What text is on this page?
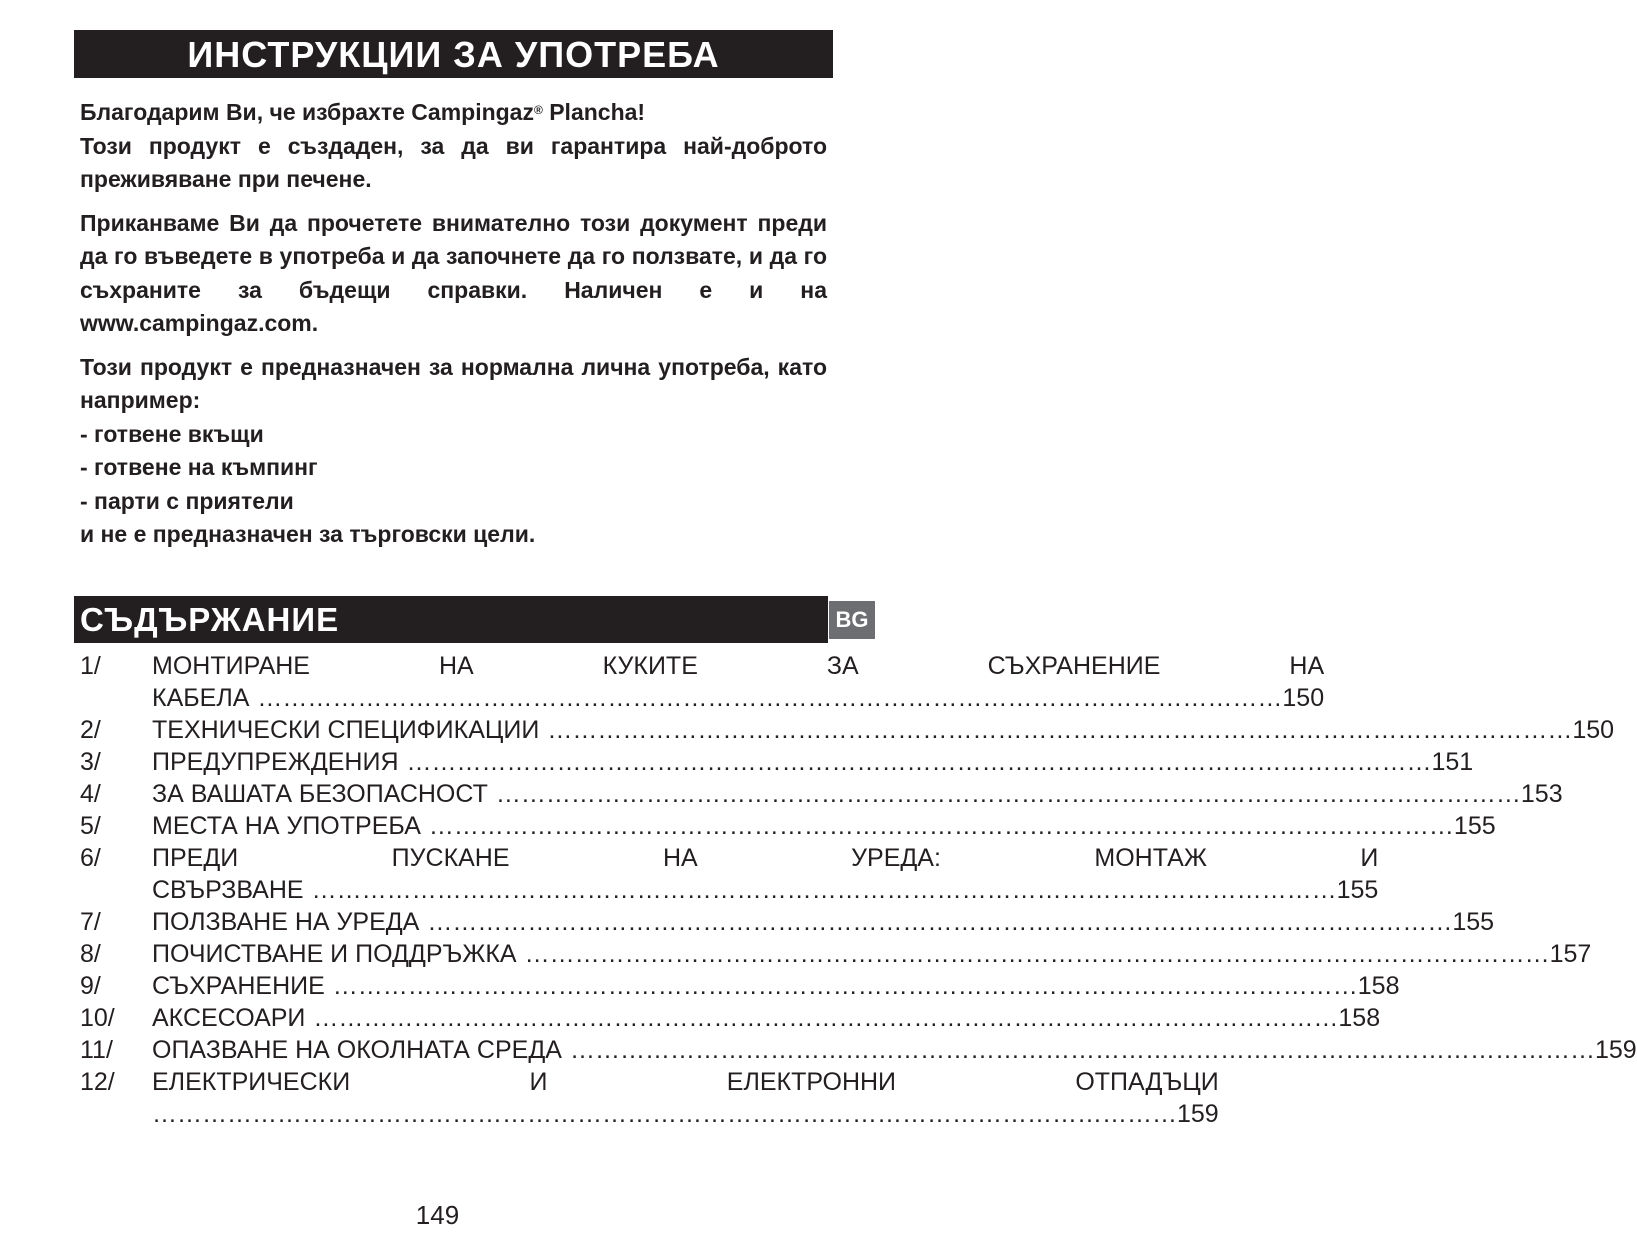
ИНСТРУКЦИИ ЗА УПОТРЕБА

Благодарим Ви, че избрахте Campingaz® Plancha!
Този продукт е създаден, за да ви гарантира най-доброто преживяване при печене.

Приканваме Ви да прочетете внимателно този документ преди да го въведете в употреба и да започнете да го ползвате, и да го съхраните за бъдещи справки. Наличен е и на www.campingaz.com.

Този продукт е предназначен за нормална лична употреба, като например:
- готвене вкъщи
- готвене на къмпинг
- парти с приятели
и не е предназначен за търговски цели.

СЪДЪРЖАНИЕ	BG
1/	МОНТИРАНЕ НА КУКИТЕ ЗА СЪХРАНЕНИЕ НА
КАБЕЛА ……………………………………………………………………………………………………………	150
2/	ТЕХНИЧЕСКИ СПЕЦИФИКАЦИИ ……………………………………………………………………………………………………………	150
3/	ПРЕДУПРЕЖДЕНИЯ ……………………………………………………………………………………………………………	151
4/	ЗА ВАШАТА БЕЗОПАСНОСТ ……………………………………………………………………………………………………………	153
5/	МЕСТА НА УПОТРЕБА ……………………………………………………………………………………………………………	155
6/	ПРЕДИ ПУСКАНЕ НА УРЕДА: МОНТАЖ И
СВЪРЗВАНЕ ……………………………………………………………………………………………………………	155
7/	ПОЛЗВАНЕ НА УРЕДА ……………………………………………………………………………………………………………	155
8/	ПОЧИСТВАНЕ И ПОДДРЪЖКА ……………………………………………………………………………………………………………	157
9/	СЪХРАНЕНИЕ ……………………………………………………………………………………………………………	158
10/	АКСЕСОАРИ ……………………………………………………………………………………………………………	158
11/	ОПАЗВАНЕ НА ОКОЛНАТА СРЕДА ……………………………………………………………………………………………………………	159
12/	ЕЛЕКТРИЧЕСКИ И ЕЛЕКТРОННИ ОТПАДЪЦИ
……………………………………………………………………………………………………………
159
149
